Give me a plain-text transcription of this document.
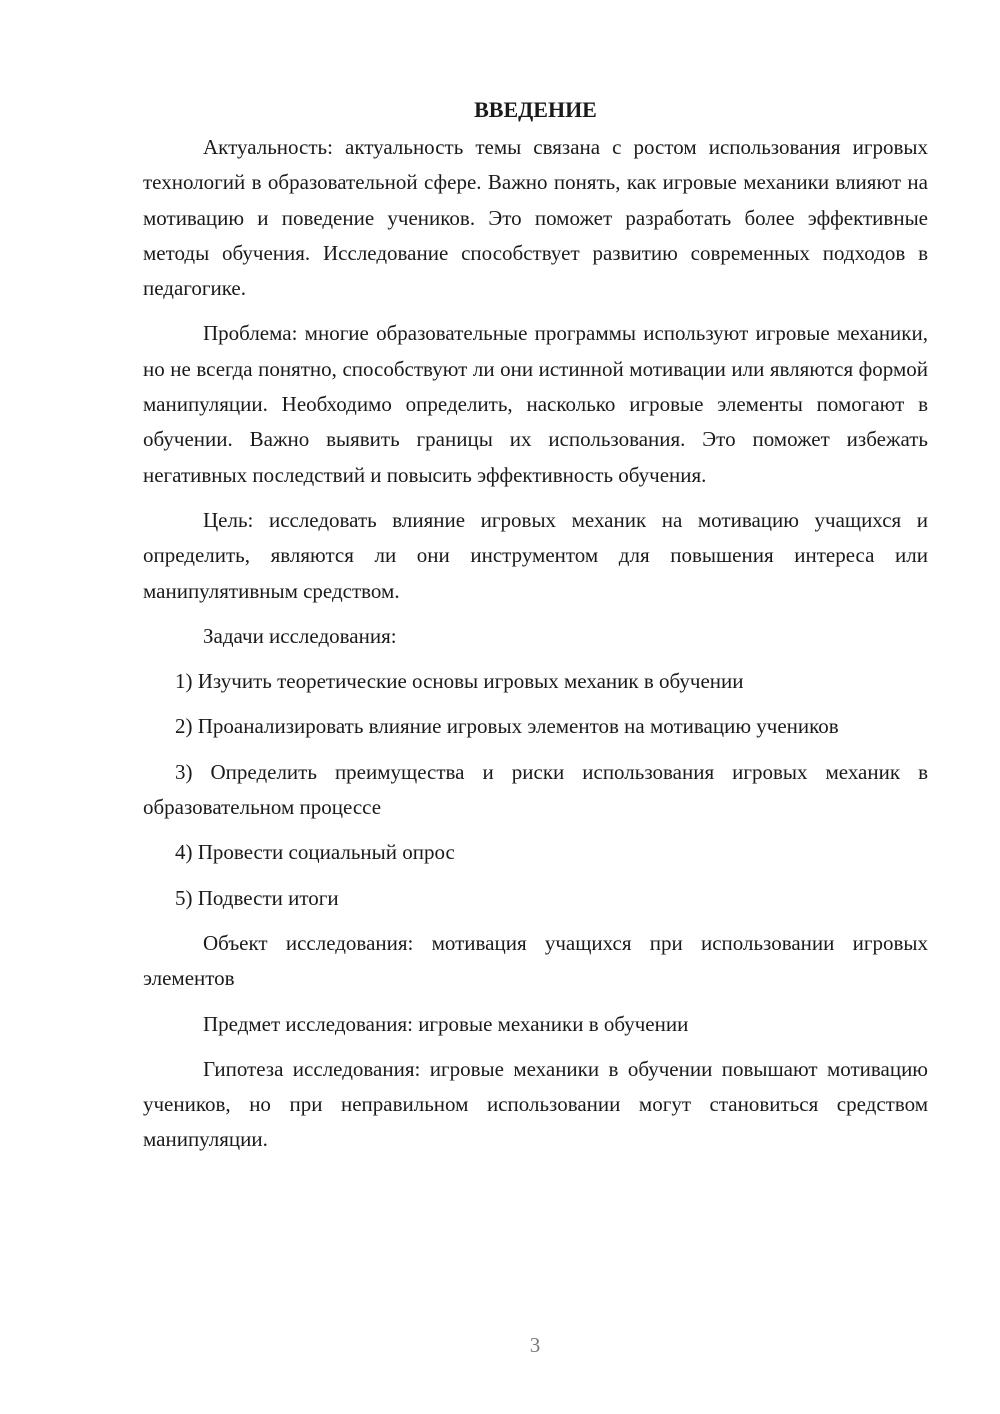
ВВЕДЕНИЕ

Актуальность: актуальность темы связана с ростом использования игровых технологий в образовательной сфере. Важно понять, как игровые механики влияют на мотивацию и поведение учеников. Это поможет разработать более эффективные методы обучения. Исследование способствует развитию современных подходов в педагогике.

Проблема: многие образовательные программы используют игровые механики, но не всегда понятно, способствуют ли они истинной мотивации или являются формой манипуляции. Необходимо определить, насколько игровые элементы помогают в обучении. Важно выявить границы их использования. Это поможет избежать негативных последствий и повысить эффективность обучения.

Цель: исследовать влияние игровых механик на мотивацию учащихся и определить, являются ли они инструментом для повышения интереса или манипулятивным средством.

Задачи исследования:

1) Изучить теоретические основы игровых механик в обучении

2) Проанализировать влияние игровых элементов на мотивацию учеников

3) Определить преимущества и риски использования игровых механик в образовательном процессе

4) Провести социальный опрос

5) Подвести итоги

Объект исследования: мотивация учащихся при использовании игровых элементов

Предмет исследования: игровые механики в обучении

Гипотеза исследования: игровые механики в обучении повышают мотивацию учеников, но при неправильном использовании могут становиться средством манипуляции.

3
